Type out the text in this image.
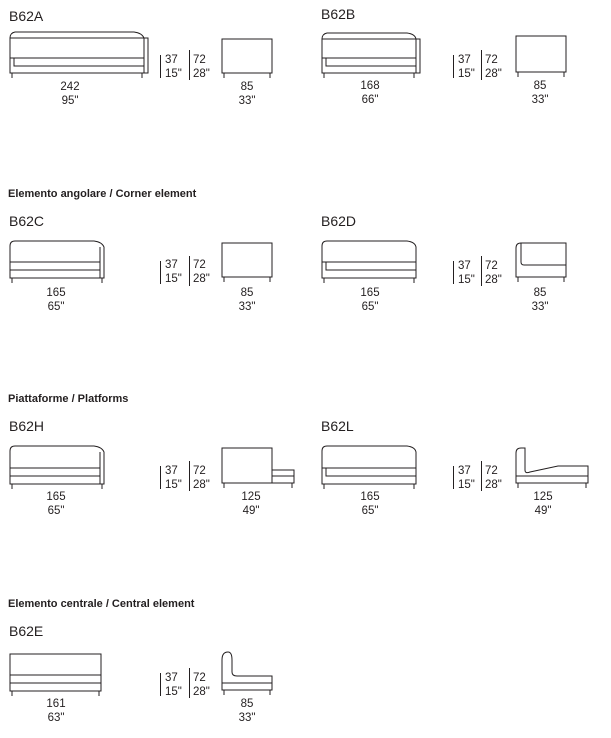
B62A
242
95"
37
15"
72
28"
85
33"
B62B
168
66"
37
15"
72
28"
85
33"
Elemento angolare / Corner element
B62C
165
65"
37
15"
72
28"
85
33"
B62D
165
65"
37
15"
72
28"
85
33"
Piattaforme / Platforms
B62H
165
65"
37
15"
72
28"
125
49"
B62L
165
65"
37
15"
72
28"
125
49"
Elemento centrale / Central element
B62E
161
63"
37
15"
72
28"
85
33"
